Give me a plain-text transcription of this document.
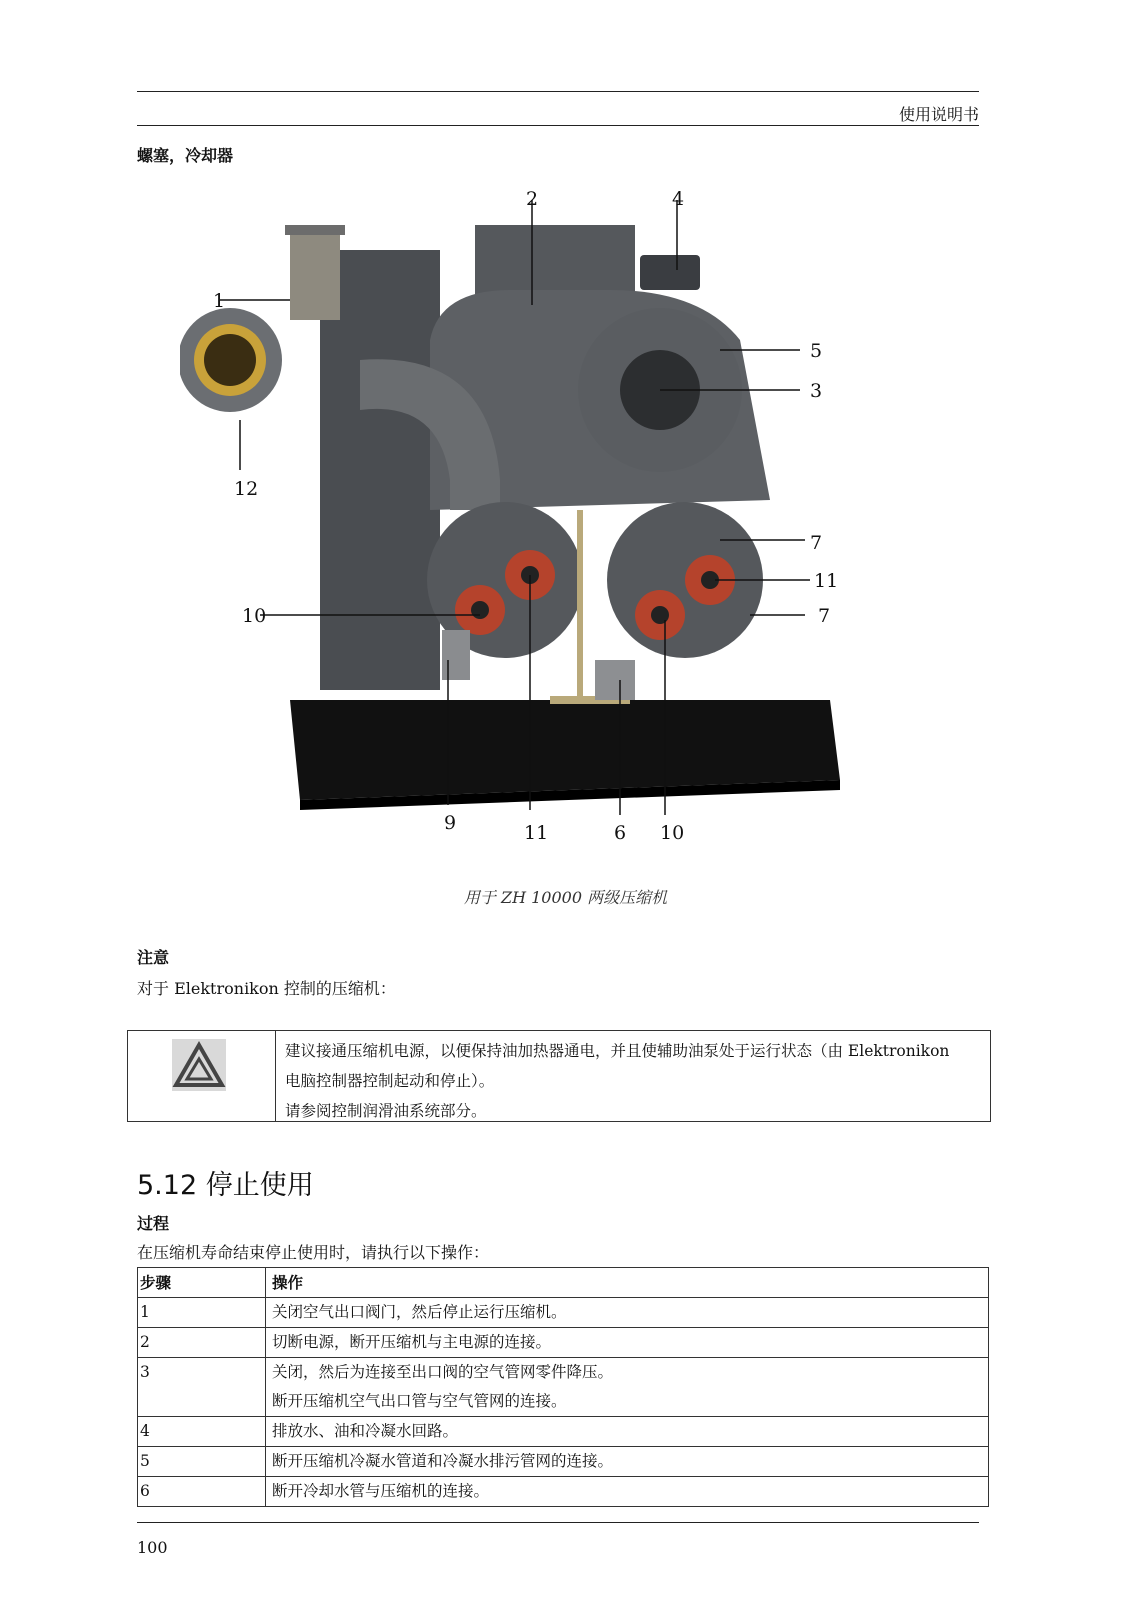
使用说明书
螺塞，冷却器
1
2	4
5
3
12
7
11
10	7
9	11	6 10
用于 ZH 10000 两级压缩机
注意
对于 Elektronikon 控制的压缩机：
建议接通压缩机电源，以便保持油加热器通电，并且使辅助油泵处于运行状态（由 Elektronikon
电脑控制器控制起动和停止）。
请参阅控制润滑油系统部分。
5.12 停止使用
过程
在压缩机寿命结束停止使用时，请执行以下操作：
步骤	操作
1	关闭空气出口阀门，然后停止运行压缩机。
2	切断电源，断开压缩机与主电源的连接。
3	关闭，然后为连接至出口阀的空气管网零件降压。
断开压缩机空气出口管与空气管网的连接。

4	排放水、油和冷凝水回路。
5	断开压缩机冷凝水管道和冷凝水排污管网的连接。
6	断开冷却水管与压缩机的连接。
100
